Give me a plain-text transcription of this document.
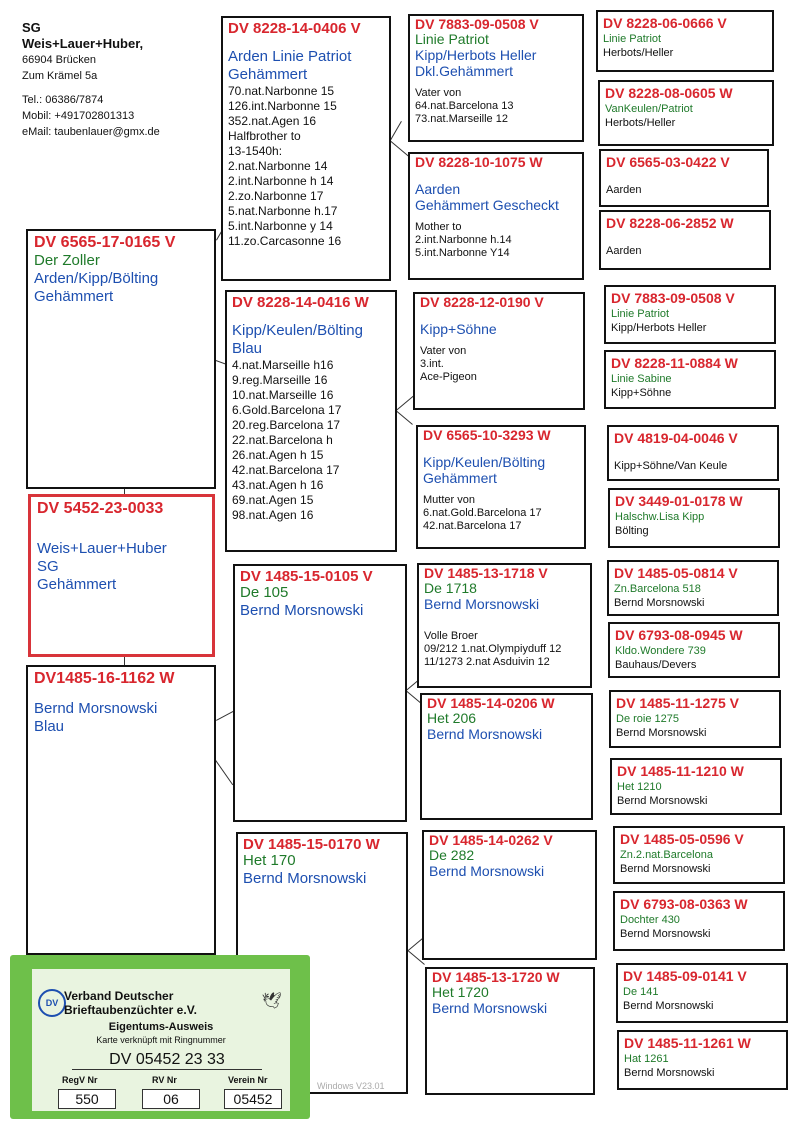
SG
Weis+Lauer+Huber,
66904 Brücken
Zum Krämel 5a
Tel.: 06386/7874
Mobil: +491702801313
eMail: taubenlauer@gmx.de
DV 6565-17-0165 V
Der Zoller
Arden/Kipp/Bölting
Gehämmert
DV 5452-23-0033
Weis+Lauer+Huber
SG
Gehämmert
DV1485-16-1162 W
Bernd Morsnowski
Blau
DV 8228-14-0406 V
Arden Linie Patriot
Gehämmert
70.nat.Narbonne 15
126.int.Narbonne 15
352.nat.Agen 16
Halfbrother to
13-1540h:
2.nat.Narbonne 14
2.int.Narbonne h 14
2.zo.Narbonne 17
5.nat.Narbonne h.17
5.int.Narbonne y 14
11.zo.Carcasonne 16
DV 8228-14-0416 W
Kipp/Keulen/Bölting
Blau
4.nat.Marseille h16
9.reg.Marseille 16
10.nat.Marseille 16
6.Gold.Barcelona 17
20.reg.Barcelona 17
22.nat.Barcelona h
26.nat.Agen h 15
42.nat.Barcelona 17
43.nat.Agen h 16
69.nat.Agen 15
98.nat.Agen 16
DV 1485-15-0105 V
De 105
Bernd Morsnowski
DV 1485-15-0170 W
Het 170
Bernd Morsnowski
DV 7883-09-0508 V
Linie Patriot
Kipp/Herbots Heller
Dkl.Gehämmert
Vater von
64.nat.Barcelona 13
73.nat.Marseille 12
DV 8228-10-1075 W
Aarden
Gehämmert Gescheckt
Mother to
2.int.Narbonne h.14
5.int.Narbonne Y14
DV 8228-12-0190 V
Kipp+Söhne
Vater von
3.int.
Ace-Pigeon
DV 6565-10-3293 W
Kipp/Keulen/Bölting
Gehämmert
Mutter von
6.nat.Gold.Barcelona 17
42.nat.Barcelona 17
DV 1485-13-1718 V
De 1718
Bernd Morsnowski
Volle Broer
09/212 1.nat.Olympiyduff 12
11/1273 2.nat Asduivin 12
DV 1485-14-0206 W
Het 206
Bernd Morsnowski
DV 1485-14-0262 V
De 282
Bernd Morsnowski
DV 1485-13-1720 W
Het 1720
Bernd Morsnowski
DV 8228-06-0666 V
Linie Patriot
Herbots/Heller
DV 8228-08-0605 W
VanKeulen/Patriot
Herbots/Heller
DV 6565-03-0422 V
Aarden
DV 8228-06-2852 W
Aarden
DV 7883-09-0508 V
Linie Patriot
Kipp/Herbots Heller
DV 8228-11-0884 W
Linie Sabine
Kipp+Söhne
DV 4819-04-0046 V
Kipp+Söhne/Van Keule
DV 3449-01-0178 W
Halschw.Lisa Kipp
Bölting
DV 1485-05-0814 V
Zn.Barcelona 518
Bernd Morsnowski
DV 6793-08-0945 W
Kldo.Wondere 739
Bauhaus/Devers
DV 1485-11-1275 V
De roie 1275
Bernd Morsnowski
DV 1485-11-1210 W
Het 1210
Bernd Morsnowski
DV 1485-05-0596 V
Zn.2.nat.Barcelona
Bernd Morsnowski
DV 6793-08-0363 W
Dochter 430
Bernd Morsnowski
DV 1485-09-0141 V
De 141
Bernd Morsnowski
DV 1485-11-1261 W
Hat 1261
Bernd Morsnowski
DV Verband Deutscher Brieftaubenzüchter e.V.	🕊
Eigentums-Ausweis
Karte verknüpft mit Ringnummer
DV 05452 23 33
RegV Nr	RV Nr	Verein Nr
550	06	05452
Windows V23.01
